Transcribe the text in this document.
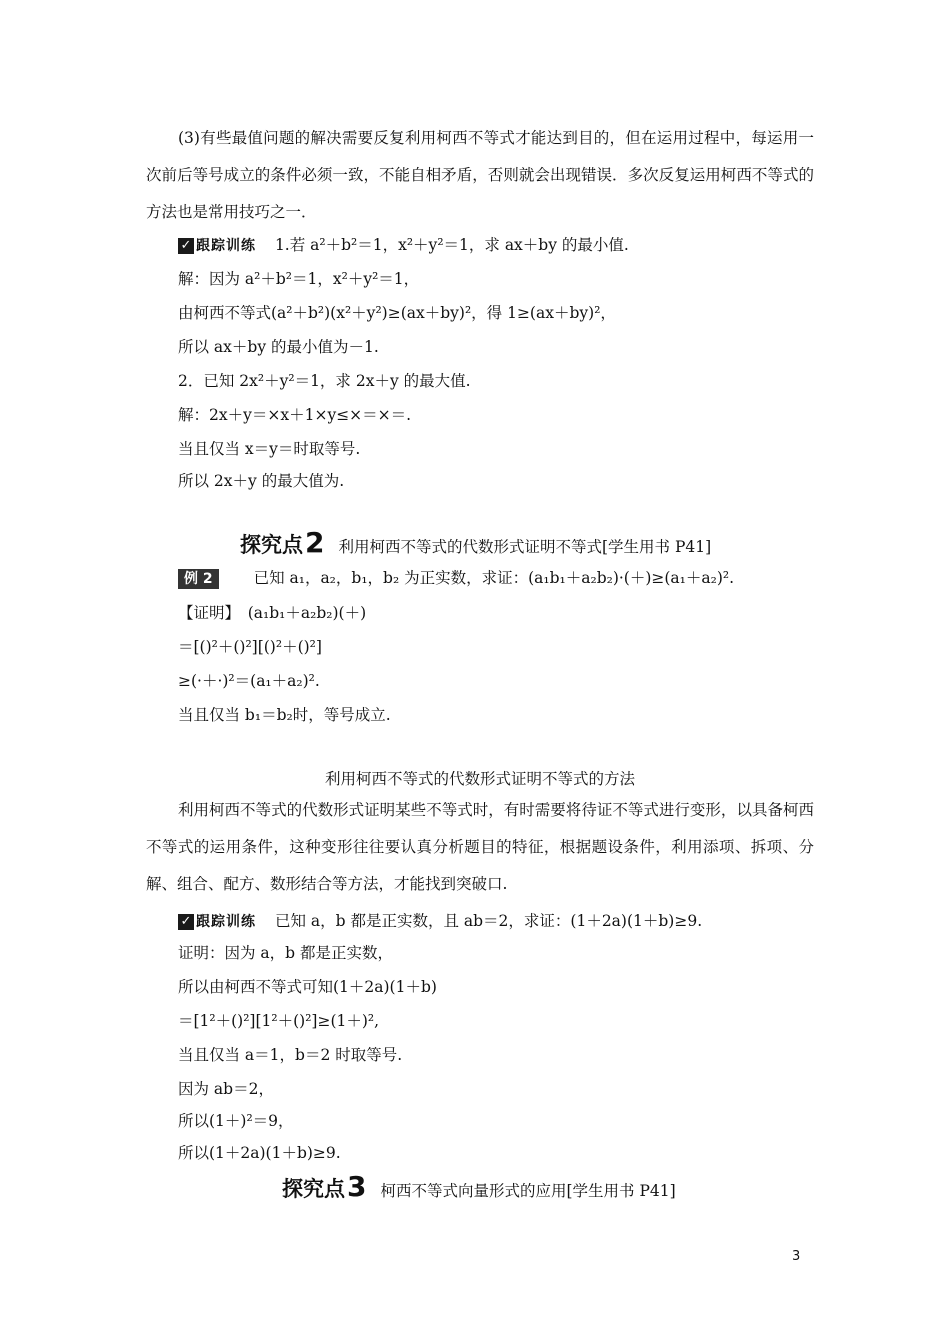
(3)有些最值问题的解决需要反复利用柯西不等式才能达到目的，但在运用过程中，每运用一次前后等号成立的条件必须一致，不能自相矛盾，否则就会出现错误．多次反复运用柯西不等式的方法也是常用技巧之一．
✓ 跟踪训练 1.若 a²＋b²＝1，x²＋y²＝1，求 ax＋by 的最小值.
解：因为 a²＋b²＝1，x²＋y²＝1，
由柯西不等式(a²＋b²)(x²＋y²)≥(ax＋by)²，得 1≥(ax＋by)²，
所以 ax＋by 的最小值为－1.
2．已知 2x²＋y²＝1，求 2x＋y 的最大值.
解：2x＋y＝×x＋1×y≤×＝×＝.
当且仅当 x＝y＝时取等号.
所以 2x＋y 的最大值为.
探究点2 利用柯西不等式的代数形式证明不等式[学生用书 P41]
例 2	已知 a₁，a₂，b₁，b₂ 为正实数，求证：(a₁b₁＋a₂b₂)·(＋)≥(a₁＋a₂)².
【证明】　(a₁b₁＋a₂b₂)(＋)
＝[()²＋()²][()²＋()²]
≥(·＋·)²＝(a₁＋a₂)².
当且仅当 b₁＝b₂时，等号成立.
利用柯西不等式的代数形式证明不等式的方法
利用柯西不等式的代数形式证明某些不等式时，有时需要将待证不等式进行变形，以具备柯西不等式的运用条件，这种变形往往要认真分析题目的特征，根据题设条件，利用添项、拆项、分解、组合、配方、数形结合等方法，才能找到突破口.
✓ 跟踪训练 已知 a，b 都是正实数，且 ab＝2，求证：(1＋2a)(1＋b)≥9.
证明：因为 a，b 都是正实数，
所以由柯西不等式可知(1＋2a)(1＋b)
＝[1²＋()²][1²＋()²]≥(1＋)²,
当且仅当 a＝1，b＝2 时取等号.
因为 ab＝2，
所以(1＋)²＝9，
所以(1＋2a)(1＋b)≥9.
探究点3 柯西不等式向量形式的应用[学生用书 P41]
3
